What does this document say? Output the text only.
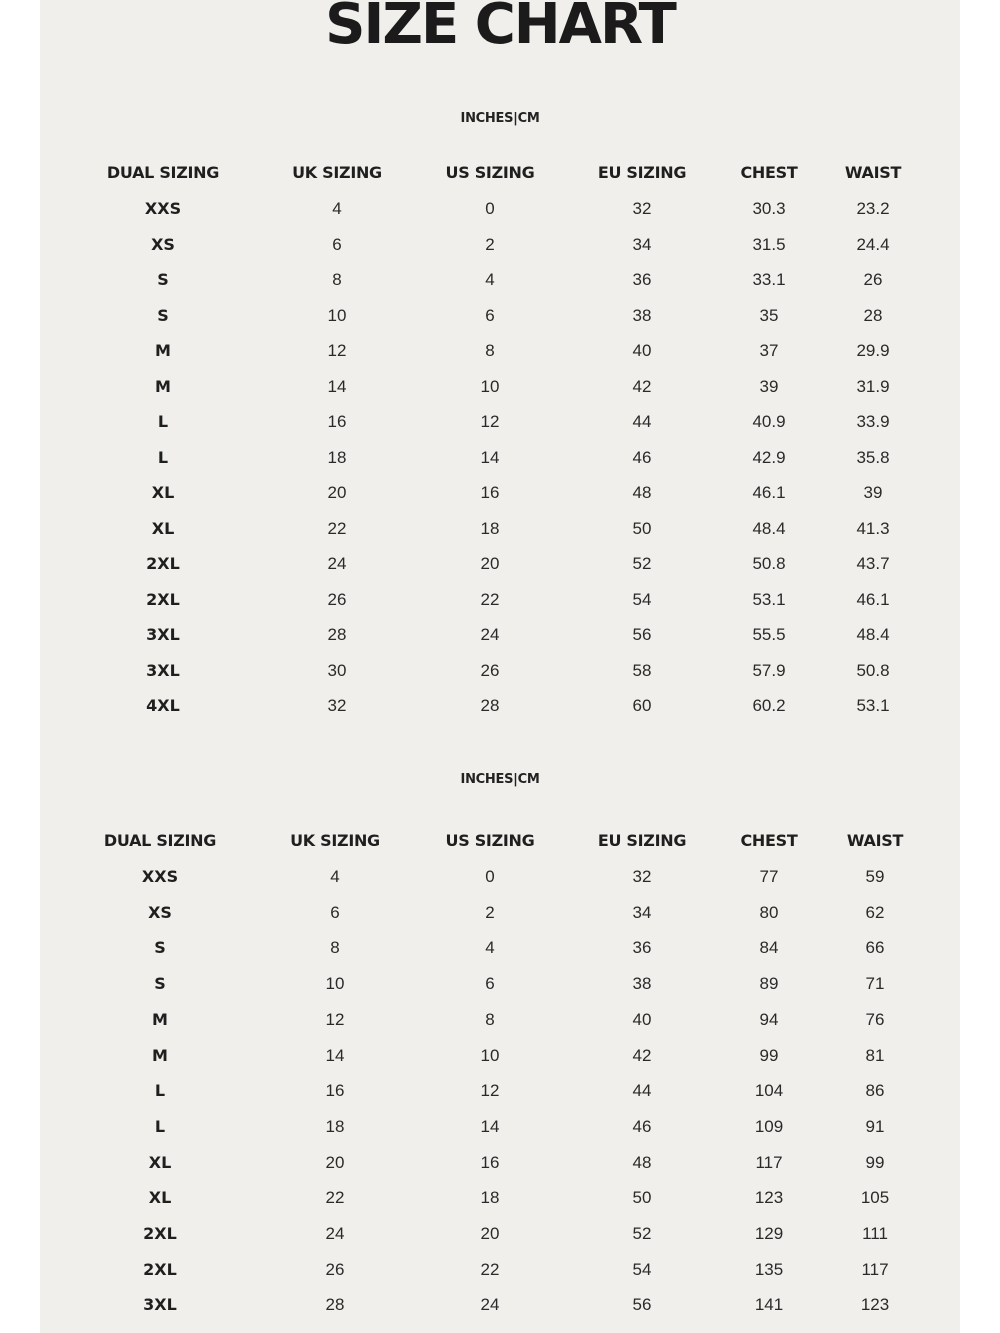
SIZE CHART
INCHES|CM
DUAL SIZING	UK SIZING	US SIZING	EU SIZING	CHEST	WAIST
XXS	4	0	32	30.3	23.2
XS	6	2	34	31.5	24.4
S	8	4	36	33.1	26
S	10	6	38	35	28
M	12	8	40	37	29.9
M	14	10	42	39	31.9
L	16	12	44	40.9	33.9
L	18	14	46	42.9	35.8
XL	20	16	48	46.1	39
XL	22	18	50	48.4	41.3
2XL	24	20	52	50.8	43.7
2XL	26	22	54	53.1	46.1
3XL	28	24	56	55.5	48.4
3XL	30	26	58	57.9	50.8
4XL	32	28	60	60.2	53.1
INCHES|CM
DUAL SIZING	UK SIZING	US SIZING	EU SIZING	CHEST	WAIST
XXS	4	0	32	77	59
XS	6	2	34	80	62
S	8	4	36	84	66
S	10	6	38	89	71
M	12	8	40	94	76
M	14	10	42	99	81
L	16	12	44	104	86
L	18	14	46	109	91
XL	20	16	48	117	99
XL	22	18	50	123	105
2XL	24	20	52	129	111
2XL	26	22	54	135	117
3XL	28	24	56	141	123
